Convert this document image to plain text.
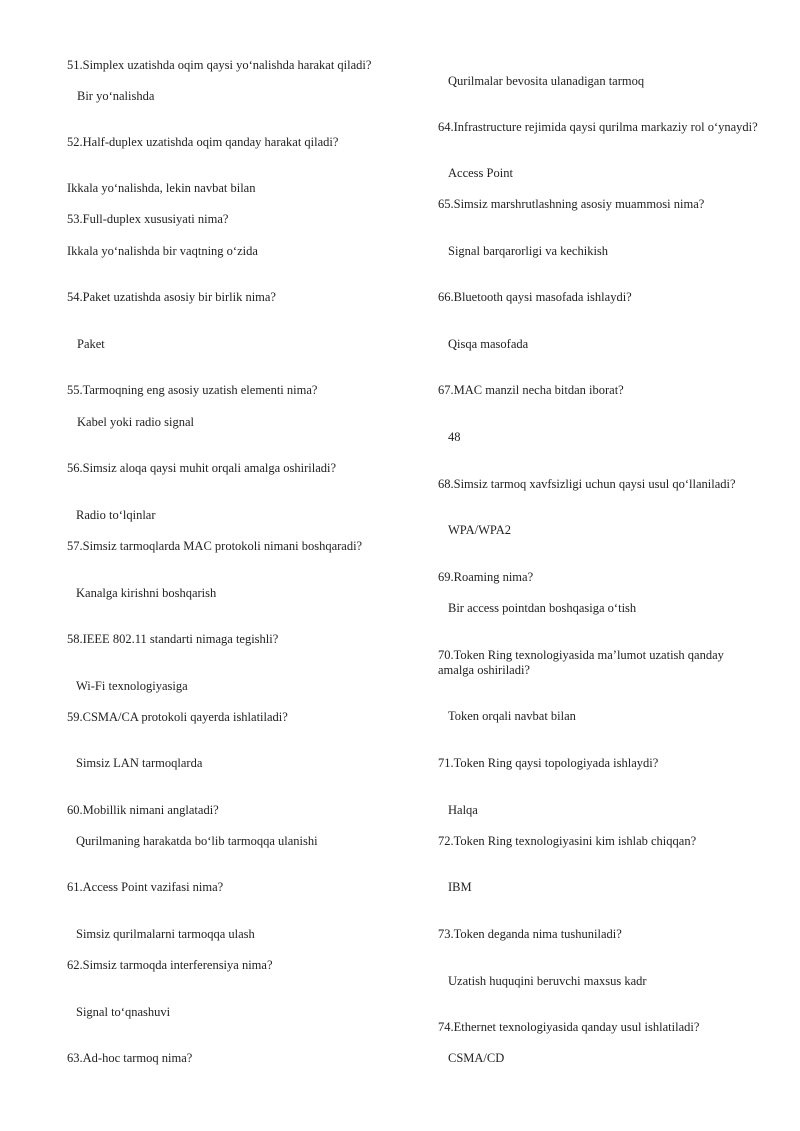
51.Simplex uzatishda oqim qaysi yo‘nalishda harakat qiladi?

Bir yo‘nalishda

52.Half-duplex uzatishda oqim qanday harakat qiladi?

Ikkala yo‘nalishda, lekin navbat bilan

53.Full-duplex xususiyati nima?

Ikkala yo‘nalishda bir vaqtning o‘zida

54.Paket uzatishda asosiy bir birlik nima?

Paket

55.Tarmoqning eng asosiy uzatish elementi nima?

Kabel yoki radio signal

56.Simsiz aloqa qaysi muhit orqali amalga oshiriladi?

Radio to‘lqinlar

57.Simsiz tarmoqlarda MAC protokoli nimani boshqaradi?

Kanalga kirishni boshqarish

58.IEEE 802.11 standarti nimaga tegishli?

Wi-Fi texnologiyasiga

59.CSMA/CA protokoli qayerda ishlatiladi?

Simsiz LAN tarmoqlarda

60.Mobillik nimani anglatadi?

Qurilmaning harakatda bo‘lib tarmoqqa ulanishi

61.Access Point vazifasi nima?

Simsiz qurilmalarni tarmoqqa ulash

62.Simsiz tarmoqda interferensiya nima?

Signal to‘qnashuvi

63.Ad-hoc tarmoq nima?

Qurilmalar bevosita ulanadigan tarmoq

64.Infrastructure rejimida qaysi qurilma markaziy rol o‘ynaydi?

Access Point

65.Simsiz marshrutlashning asosiy muammosi nima?

Signal barqarorligi va kechikish

66.Bluetooth qaysi masofada ishlaydi?

Qisqa masofada

67.MAC manzil necha bitdan iborat?

48

68.Simsiz tarmoq xavfsizligi uchun qaysi usul qo‘llaniladi?

WPA/WPA2

69.Roaming nima?

Bir access pointdan boshqasiga o‘tish

70.Token Ring texnologiyasida ma’lumot uzatish qanday amalga oshiriladi?

Token orqali navbat bilan

71.Token Ring qaysi topologiyada ishlaydi?

Halqa

72.Token Ring texnologiyasini kim ishlab chiqqan?

IBM

73.Token deganda nima tushuniladi?

Uzatish huquqini beruvchi maxsus kadr

74.Ethernet texnologiyasida qanday usul ishlatiladi?

CSMA/CD
